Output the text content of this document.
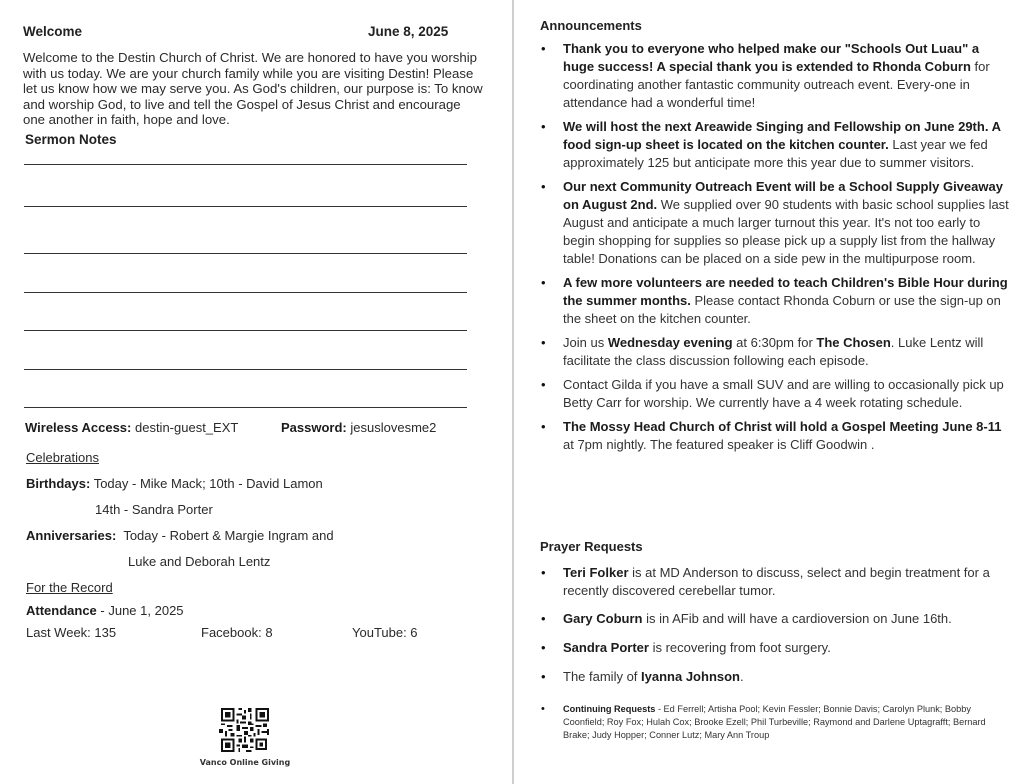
Welcome	June 8, 2025
Welcome to the Destin Church of Christ. We are honored to have you worship with us today. We are your church family while you are visiting Destin! Please let us know how we may serve you. As God's children, our purpose is: To know and worship God, to live and tell the Gospel of Jesus Christ and encourage one another in faith, hope and love.
Sermon Notes
Wireless Access: destin-guest_EXT	Password: jesuslovesme2
Celebrations
Birthdays: Today - Mike Mack; 10th - David Lamon
14th - Sandra Porter
Anniversaries: Today - Robert & Margie Ingram and
Luke and Deborah Lentz
For the Record
Attendance - June 1, 2025
Last Week: 135	Facebook: 8	YouTube: 6
Vanco Online Giving
Announcements
• Thank you to everyone who helped make our "Schools Out Luau" a huge success! A special thank you is extended to Rhonda Coburn for coordinating another fantastic community outreach event. Every-one in attendance had a wonderful time!
• We will host the next Areawide Singing and Fellowship on June 29th. A food sign-up sheet is located on the kitchen counter. Last year we fed approximately 125 but anticipate more this year due to summer visitors.
• Our next Community Outreach Event will be a School Supply Giveaway on August 2nd. We supplied over 90 students with basic school supplies last August and anticipate a much larger turnout this year. It's not too early to begin shopping for supplies so please pick up a supply list from the hallway table! Donations can be placed on a side pew in the multipurpose room.
• A few more volunteers are needed to teach Children's Bible Hour during the summer months. Please contact Rhonda Coburn or use the sign-up on the sheet on the kitchen counter.
• Join us Wednesday evening at 6:30pm for The Chosen. Luke Lentz will facilitate the class discussion following each episode.
• Contact Gilda if you have a small SUV and are willing to occasionally pick up Betty Carr for worship. We currently have a 4 week rotating schedule.
• The Mossy Head Church of Christ will hold a Gospel Meeting June 8-11 at 7pm nightly. The featured speaker is Cliff Goodwin .
Prayer Requests
• Teri Folker is at MD Anderson to discuss, select and begin treatment for a recently discovered cerebellar tumor.
• Gary Coburn is in AFib and will have a cardioversion on June 16th.
• Sandra Porter is recovering from foot surgery.
• The family of Iyanna Johnson.
• Continuing Requests - Ed Ferrell; Artisha Pool; Kevin Fessler; Bonnie Davis; Carolyn Plunk; Bobby Coonfield; Roy Fox; Hulah Cox; Brooke Ezell; Phil Turbeville; Raymond and Darlene Uptagrafft; Bernard Brake; Judy Hopper; Conner Lutz; Mary Ann Troup
